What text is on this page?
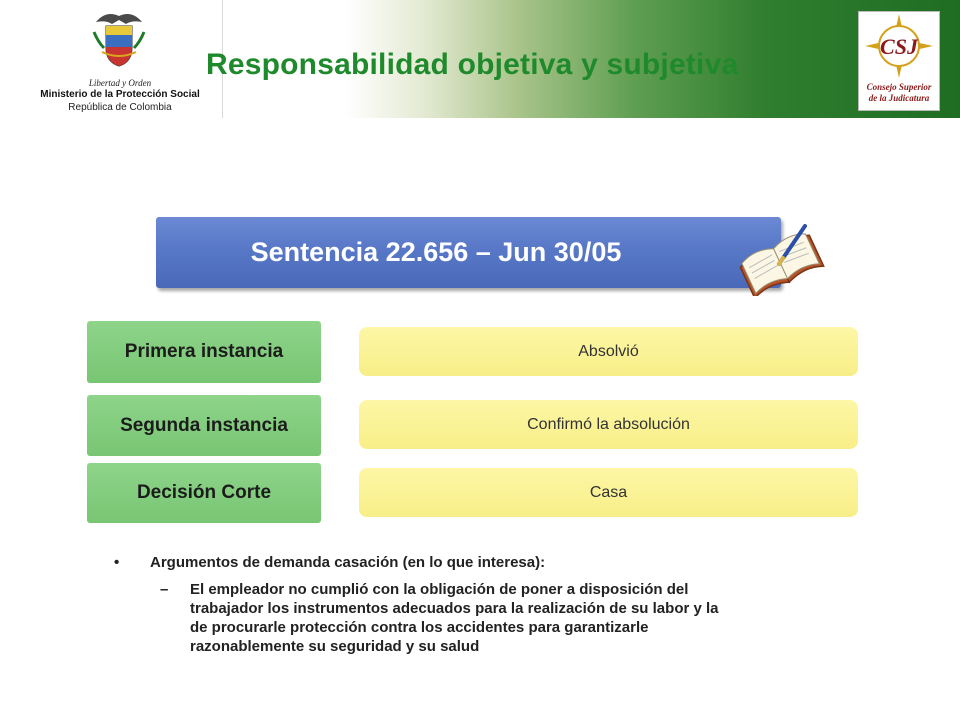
Libertad y Orden
Ministerio de la Protección Social
República de Colombia
Responsabilidad objetiva y subjetiva
CSJ
Consejo Superior
de la Judicatura
Sentencia 22.656 – Jun 30/05
Primera instancia	Absolvió
Segunda instancia	Confirmó la absolución
Decisión Corte	Casa
• Argumentos de demanda casación (en lo que interesa):
– El empleador no cumplió con la obligación de poner a disposición del
trabajador los instrumentos adecuados para la realización de su labor y la
de procurarle protección contra los accidentes para garantizarle
razonablemente su seguridad y su salud
